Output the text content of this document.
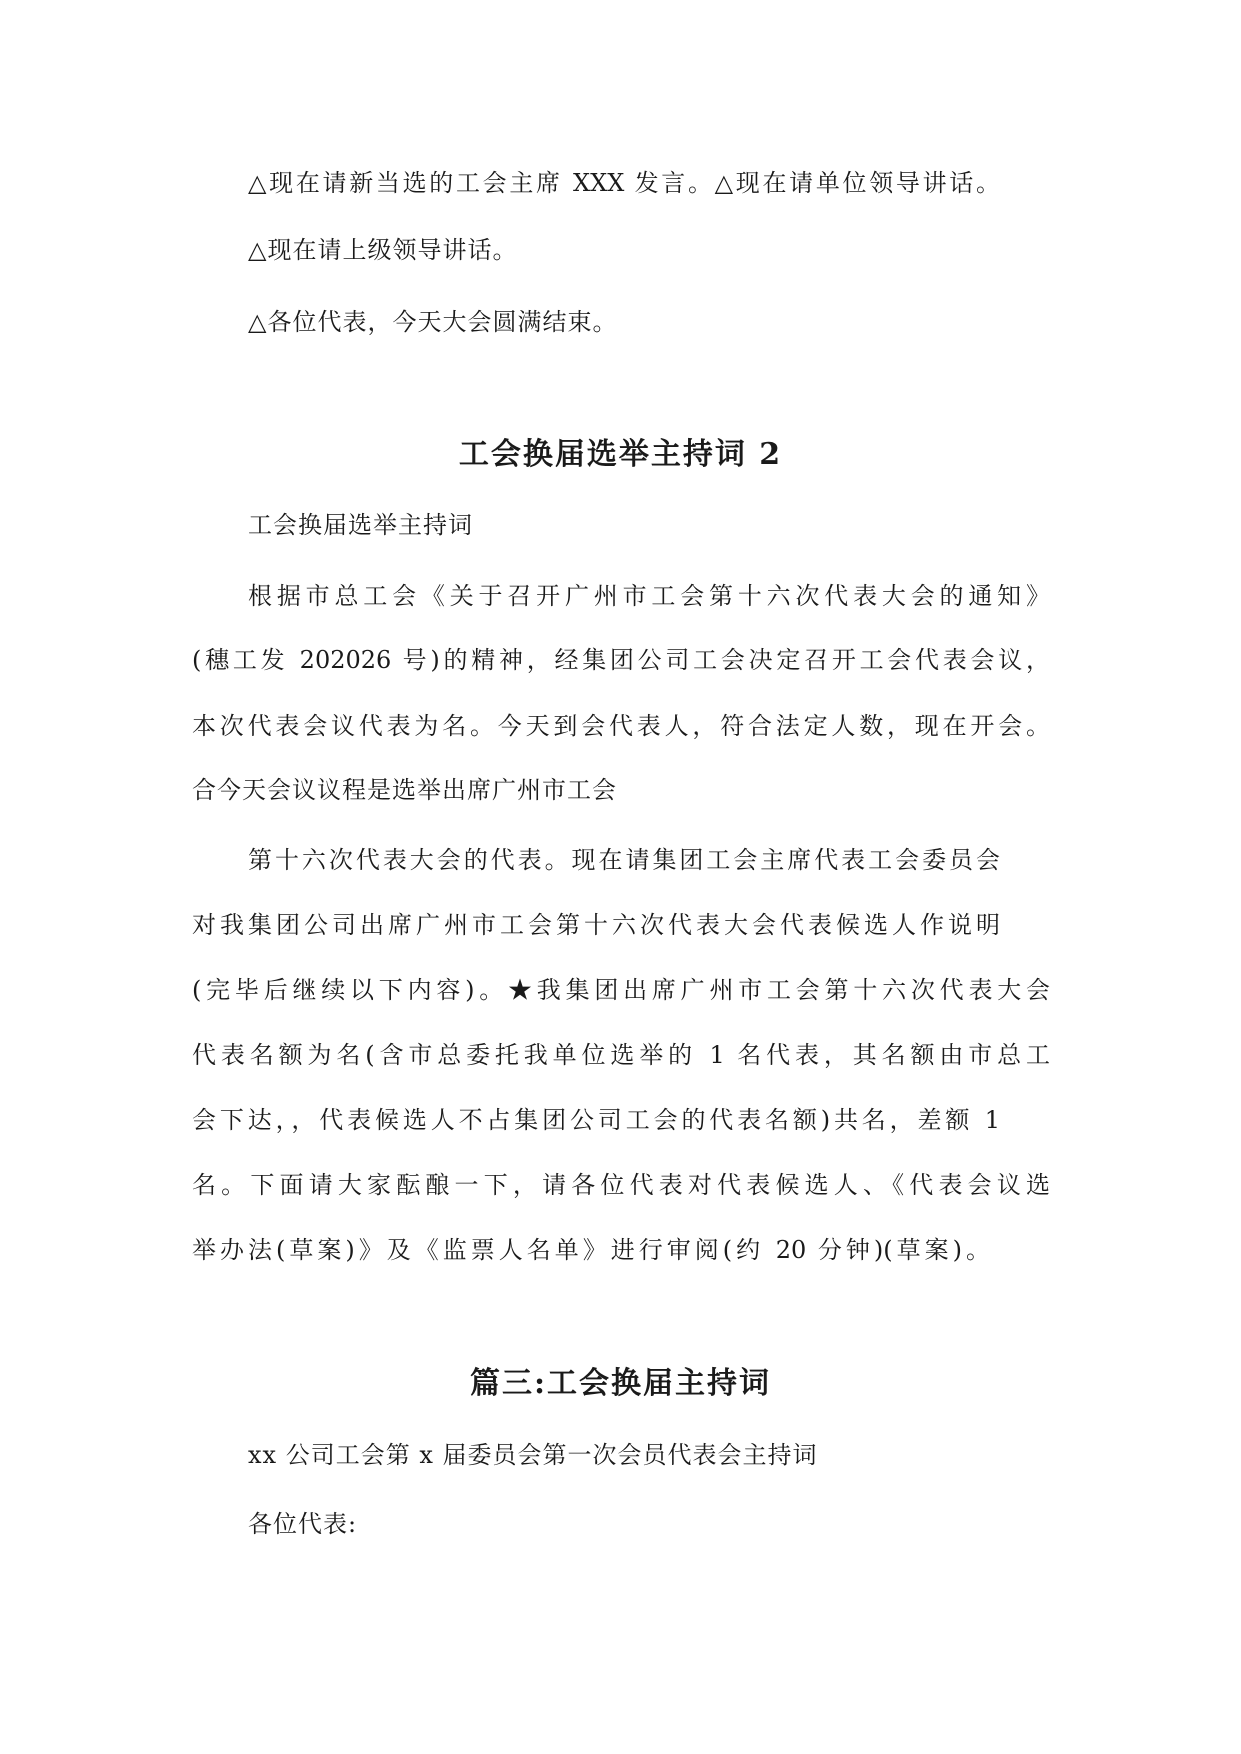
△现在请新当选的工会主席 XXX 发言。△现在请单位领导讲话。
△现在请上级领导讲话。
△各位代表，今天大会圆满结束。
工会换届选举主持词 2
工会换届选举主持词
根据市总工会《关于召开广州市工会第十六次代表大会的通知》
(穗工发 202026 号)的精神，经集团公司工会决定召开工会代表会议，
本次代表会议代表为名。今天到会代表人，符合法定人数，现在开会。
合今天会议议程是选举出席广州市工会
第十六次代表大会的代表。现在请集团工会主席代表工会委员会
对我集团公司出席广州市工会第十六次代表大会代表候选人作说明
(完毕后继续以下内容)。★我集团出席广州市工会第十六次代表大会
代表名额为名(含市总委托我单位选举的 1 名代表，其名额由市总工
会下达，，代表候选人不占集团公司工会的代表名额)共名，差额 1
名。下面请大家酝酿一下，请各位代表对代表候选人、《代表会议选
举办法(草案)》及《监票人名单》进行审阅(约 20 分钟)(草案)。
篇三:工会换届主持词
xx 公司工会第 x 届委员会第一次会员代表会主持词
各位代表:
